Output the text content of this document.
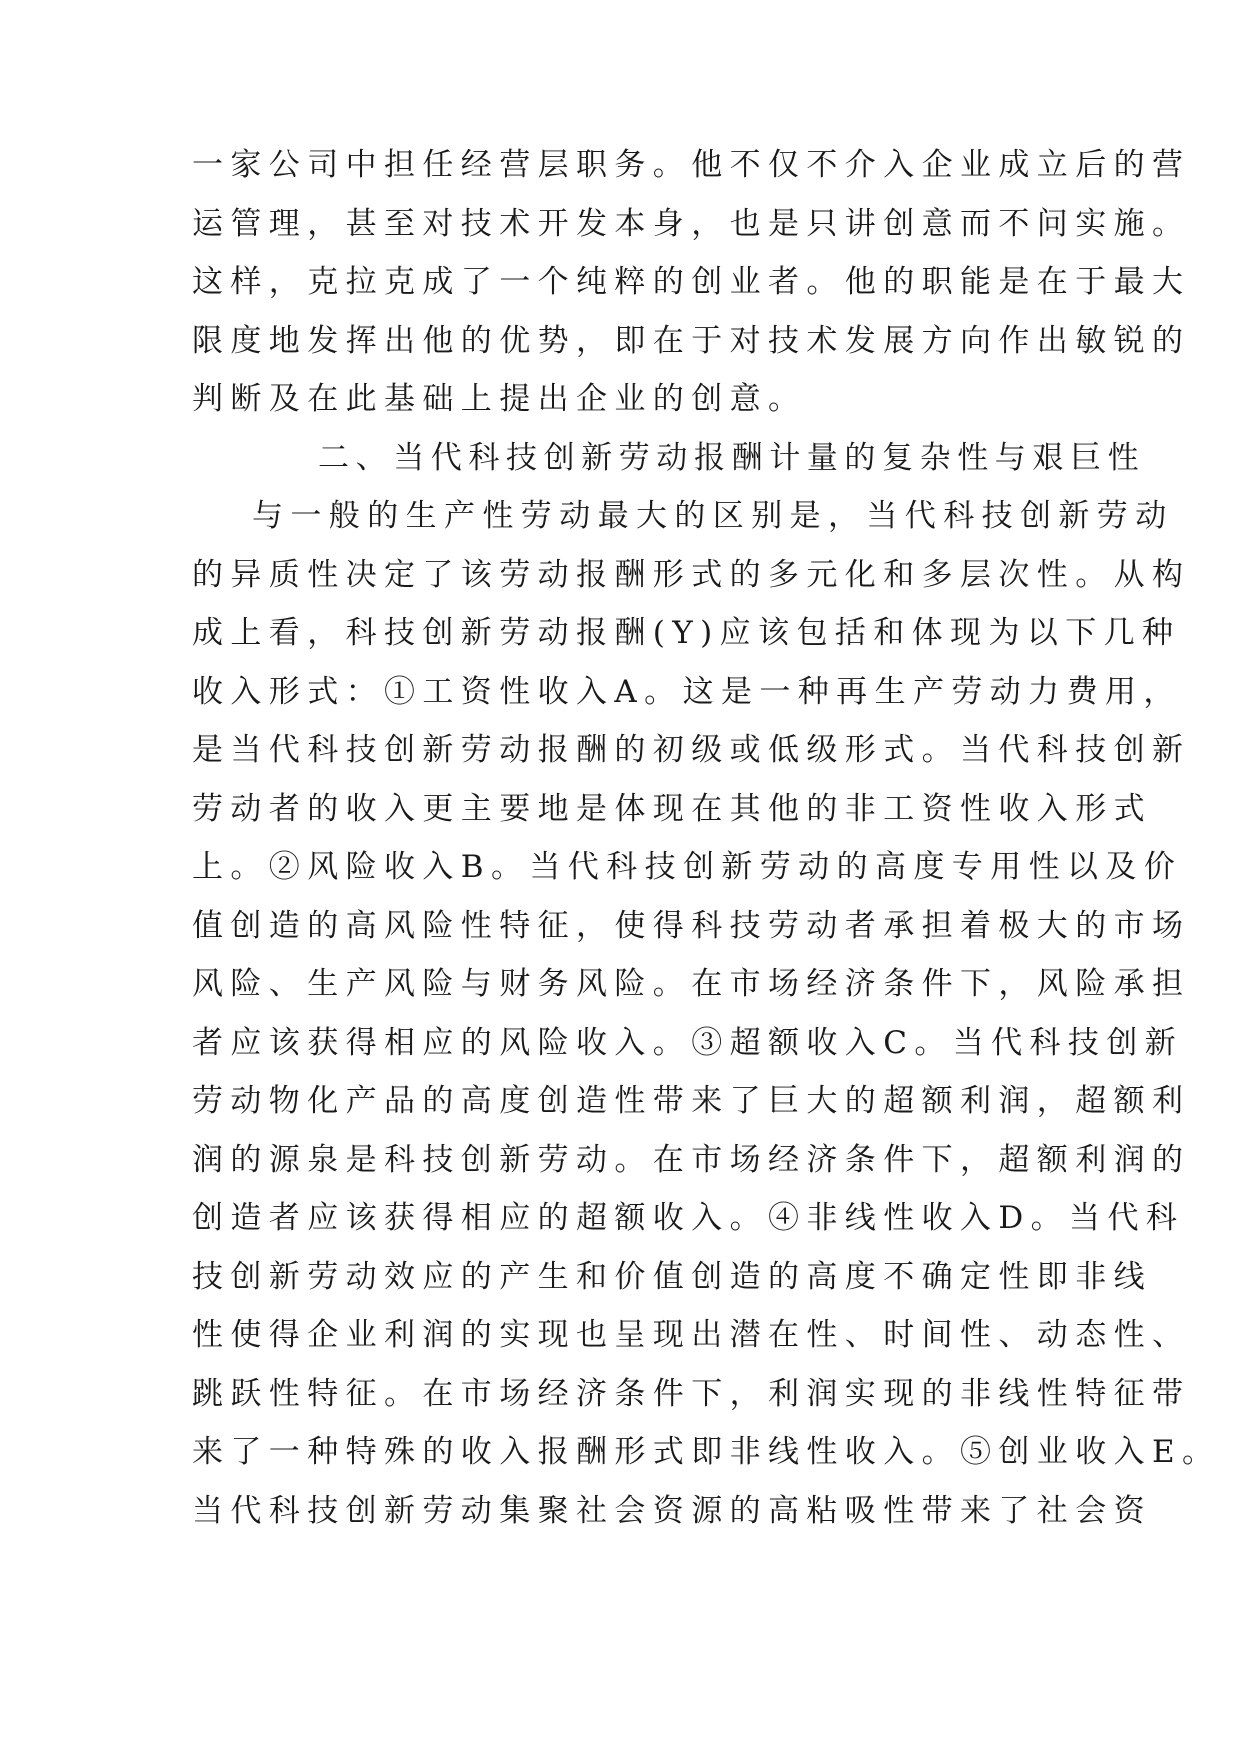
一家公司中担任经营层职务。他不仅不介入企业成立后的营
运管理，甚至对技术开发本身，也是只讲创意而不问实施。
这样，克拉克成了一个纯粹的创业者。他的职能是在于最大
限度地发挥出他的优势，即在于对技术发展方向作出敏锐的
判断及在此基础上提出企业的创意。
二、当代科技创新劳动报酬计量的复杂性与艰巨性
与一般的生产性劳动最大的区别是，当代科技创新劳动
的异质性决定了该劳动报酬形式的多元化和多层次性。从构
成上看，科技创新劳动报酬(Y)应该包括和体现为以下几种
收入形式：①工资性收入A。这是一种再生产劳动力费用，
是当代科技创新劳动报酬的初级或低级形式。当代科技创新
劳动者的收入更主要地是体现在其他的非工资性收入形式
上。②风险收入B。当代科技创新劳动的高度专用性以及价
值创造的高风险性特征，使得科技劳动者承担着极大的市场
风险、生产风险与财务风险。在市场经济条件下，风险承担
者应该获得相应的风险收入。③超额收入C。当代科技创新
劳动物化产品的高度创造性带来了巨大的超额利润，超额利
润的源泉是科技创新劳动。在市场经济条件下，超额利润的
创造者应该获得相应的超额收入。④非线性收入D。当代科
技创新劳动效应的产生和价值创造的高度不确定性即非线
性使得企业利润的实现也呈现出潜在性、时间性、动态性、
跳跃性特征。在市场经济条件下，利润实现的非线性特征带
来了一种特殊的收入报酬形式即非线性收入。⑤创业收入E。
当代科技创新劳动集聚社会资源的高粘吸性带来了社会资
